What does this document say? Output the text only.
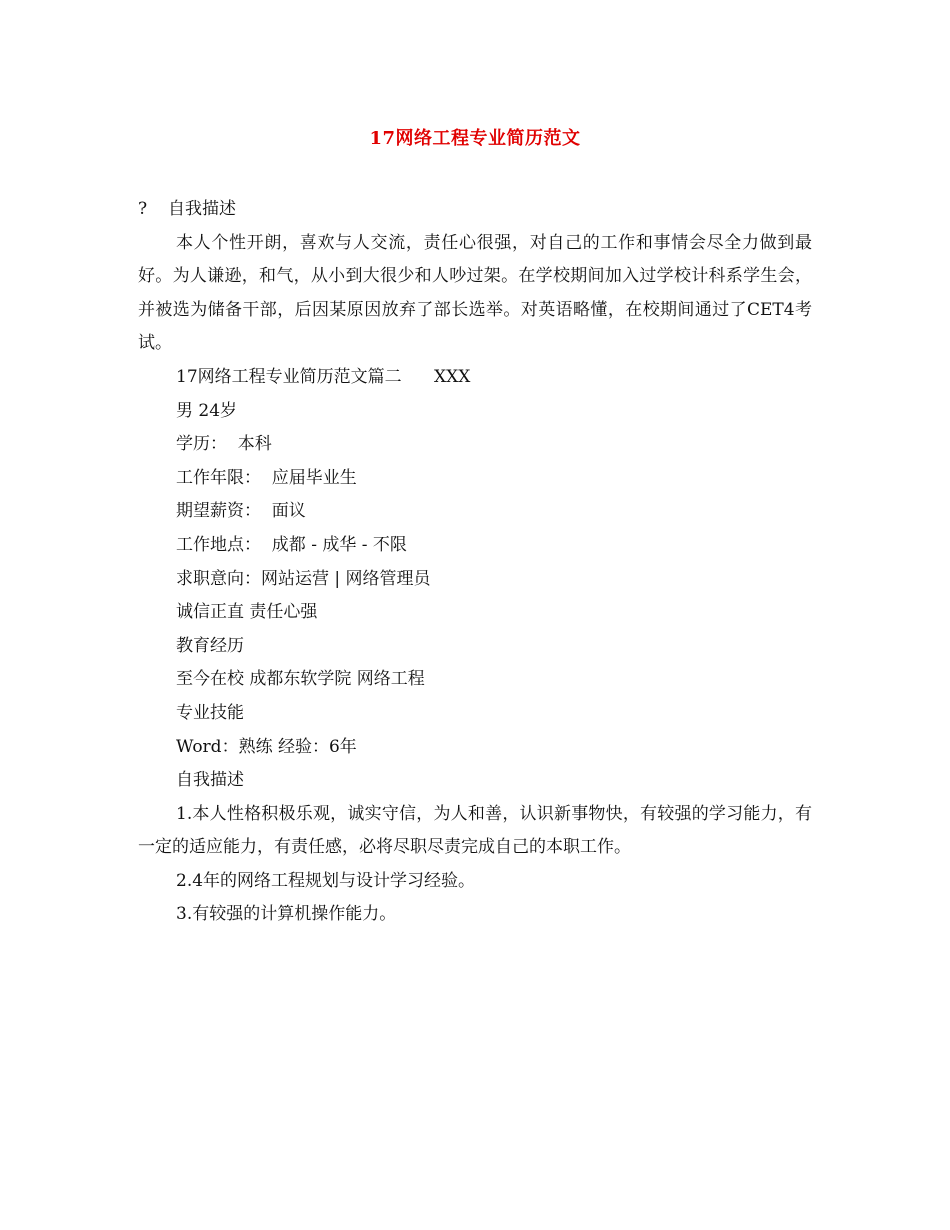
17网络工程专业简历范文

? 自我描述

本人个性开朗，喜欢与人交流，责任心很强，对自己的工作和事情会尽全力做到最好。为人谦逊，和气，从小到大很少和人吵过架。在学校期间加入过学校计科系学生会，并被选为储备干部，后因某原因放弃了部长选举。对英语略懂，在校期间通过了CET4考试。

17网络工程专业简历范文篇二      XXX

男 24岁

学历：  本科

工作年限：  应届毕业生

期望薪资：  面议

工作地点：  成都 - 成华 - 不限

求职意向：网站运营 | 网络管理员

诚信正直 责任心强

教育经历

至今在校 成都东软学院 网络工程

专业技能

Word：熟练 经验：6年

自我描述

1.本人性格积极乐观，诚实守信，为人和善，认识新事物快，有较强的学习能力，有一定的适应能力，有责任感，必将尽职尽责完成自己的本职工作。

2.4年的网络工程规划与设计学习经验。

3.有较强的计算机操作能力。
